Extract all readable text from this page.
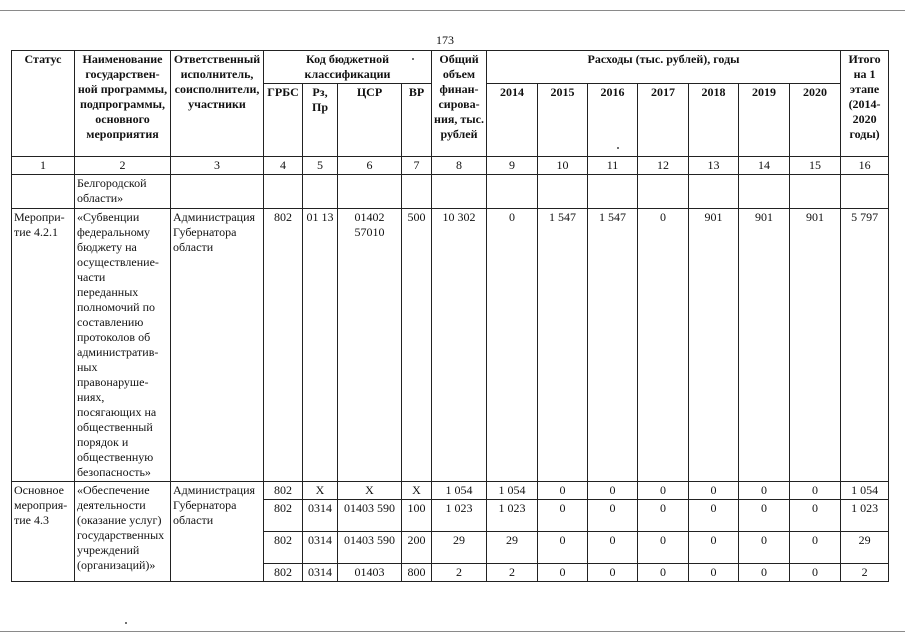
173
Статус	Наименование государствен-ной программы, подпрограммы, основного мероприятия	Ответственный исполнитель, соисполнители, участники	Код бюджетной классификации				Общий объем финан-сирова-ния, тыс. рублей	Расходы (тыс. рублей), годы							Итого на 1 этапе (2014-2020 годы)
			ГРБС	Рз, Пр	ЦСР	ВР		2014	2015	2016	2017	2018	2019	2020	
1	2	3	4	5	6	7	8	9	10	11	12	13	14	15	16
	Белгородской области»														
Меропри-тие 4.2.1	«Субвенции федеральному бюджету на осуществление-части переданных полномочий по составлению протоколов об административ-ных правонаруше-ниях, посягающих на общественный порядок и общественную безопасность»	Администрация Губернатора области	802	01 13	01402 57010	500	10 302	0	1 547	1 547	0	901	901	901	5 797
Основное мероприя-тие 4.3	«Обеспечение деятельности (оказание услуг) государственных учреждений (организаций)»	Администрация Губернатора области	802	X	X	X	1 054	1 054	0	0	0	0	0	0	1 054
			802	0314	01403 590	100	1 023	1 023	0	0	0	0	0	0	1 023
			802	0314	01403 590	200	29	29	0	0	0	0	0	0	29
			802	0314	01403	800	2	2	0	0	0	0	0	0	2
